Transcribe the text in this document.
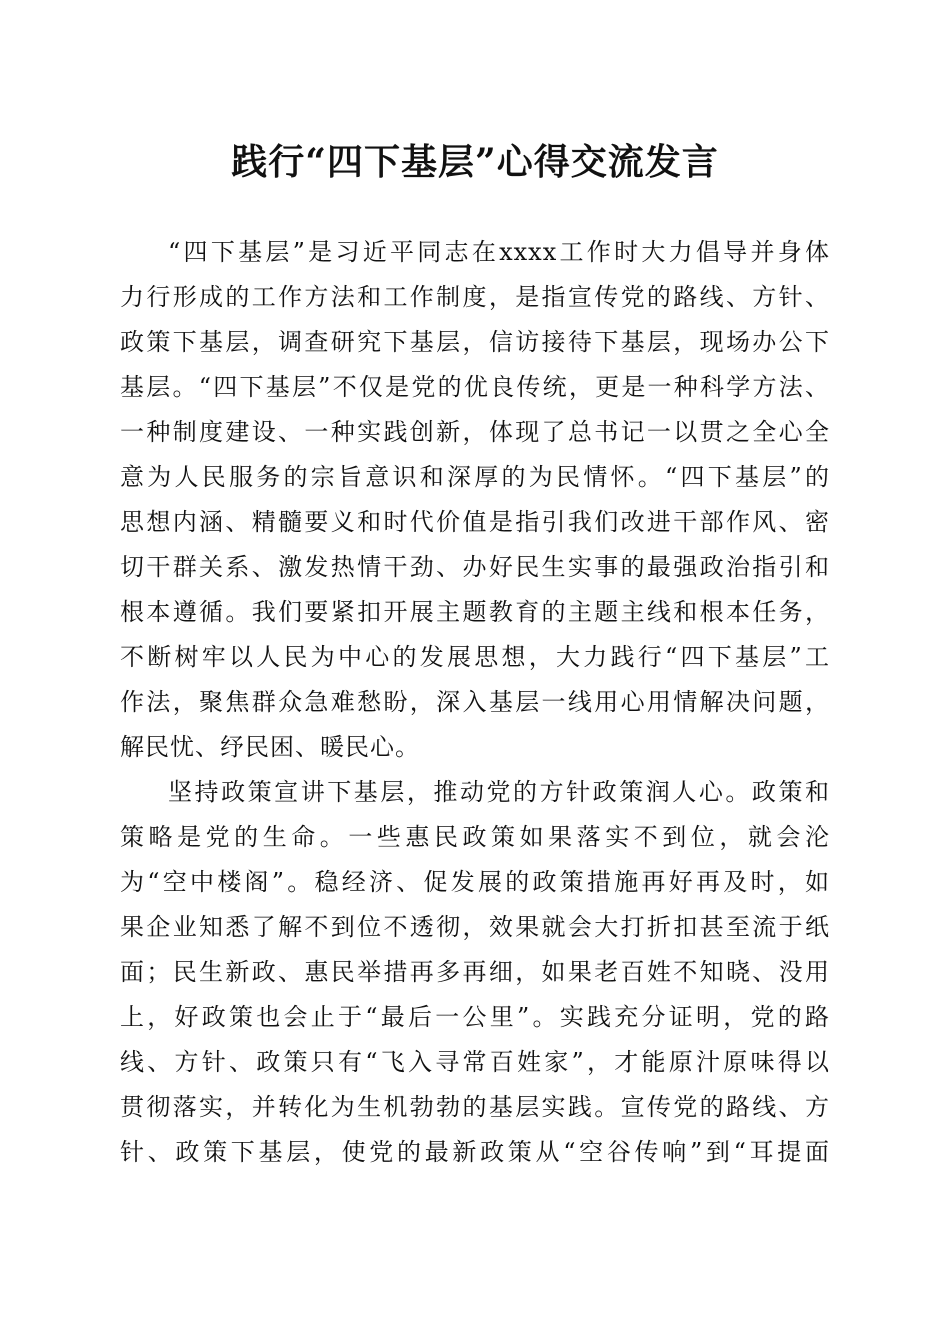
践行“四下基层”心得交流发言
“四下基层”是习近平同志在xxxx工作时大力倡导并身体
力行形成的工作方法和工作制度，是指宣传党的路线、方针、
政策下基层，调查研究下基层，信访接待下基层，现场办公下
基层。“四下基层”不仅是党的优良传统，更是一种科学方法、
一种制度建设、一种实践创新，体现了总书记一以贯之全心全
意为人民服务的宗旨意识和深厚的为民情怀。“四下基层”的
思想内涵、精髓要义和时代价值是指引我们改进干部作风、密
切干群关系、激发热情干劲、办好民生实事的最强政治指引和
根本遵循。我们要紧扣开展主题教育的主题主线和根本任务，
不断树牢以人民为中心的发展思想，大力践行“四下基层”工
作法，聚焦群众急难愁盼，深入基层一线用心用情解决问题，
解民忧、纾民困、暖民心。
坚持政策宣讲下基层，推动党的方针政策润人心。政策和
策略是党的生命。一些惠民政策如果落实不到位，就会沦
为“空中楼阁”。稳经济、促发展的政策措施再好再及时，如
果企业知悉了解不到位不透彻，效果就会大打折扣甚至流于纸
面；民生新政、惠民举措再多再细，如果老百姓不知晓、没用
上，好政策也会止于“最后一公里”。实践充分证明，党的路
线、方针、政策只有“飞入寻常百姓家”，才能原汁原味得以
贯彻落实，并转化为生机勃勃的基层实践。宣传党的路线、方
针、政策下基层，使党的最新政策从“空谷传响”到“耳提面
